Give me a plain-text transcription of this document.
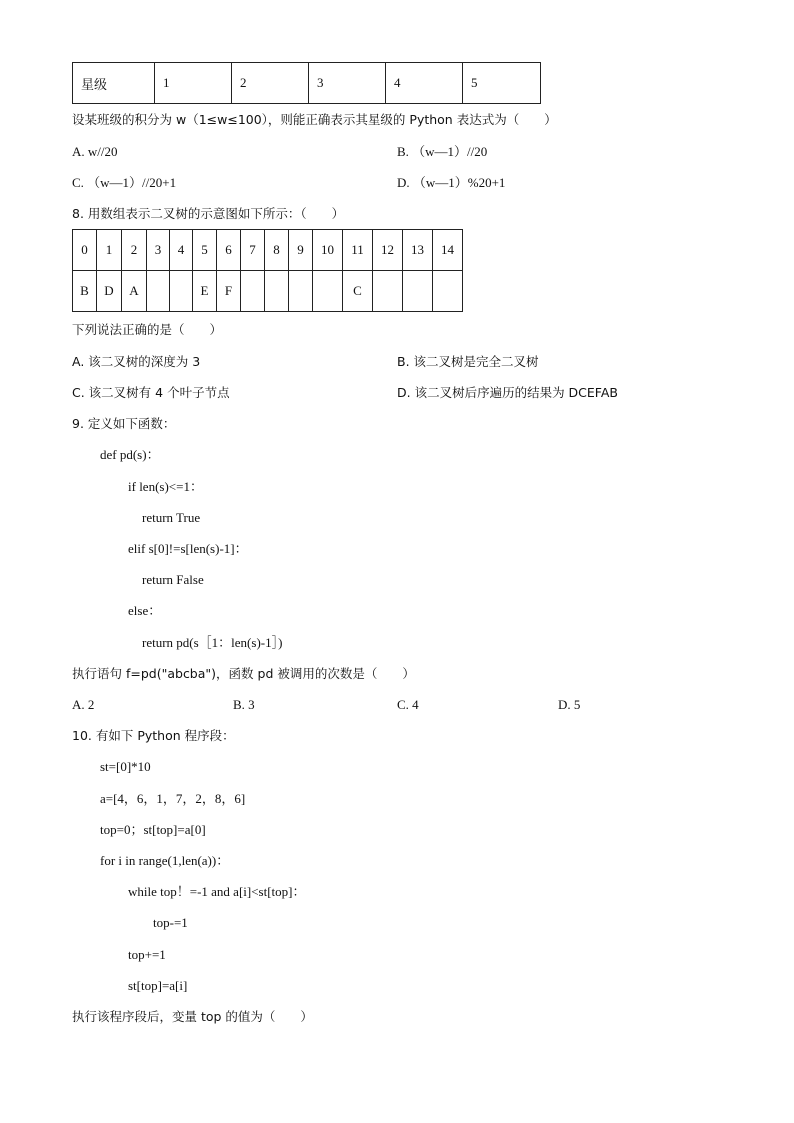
星级	1	2	3	4	5
设某班级的积分为 w（1≤w≤100），则能正确表示其星级的 Python 表达式为（　　）
A. w//20	B. （w—1）//20
C. （w—1）//20+1	D. （w—1）%20+1
8. 用数组表示二叉树的示意图如下所示：（　　）
0	1	2	3	4	5	6	7	8	9	10	11	12	13	14
B	D	A			E	F					C			
下列说法正确的是（　　）
A. 该二叉树的深度为 3	B. 该二叉树是完全二叉树
C. 该二叉树有 4 个叶子节点	D. 该二叉树后序遍历的结果为 DCEFAB
9. 定义如下函数：
def pd(s)：
if len(s)<=1：
return True
elif s[0]!=s[len(s)-1]：
return False
else：
return pd(s［1：len(s)-1］)
执行语句 f=pd("abcba")，函数 pd 被调用的次数是（　　）
A. 2	B. 3	C. 4	D. 5
10. 有如下 Python 程序段：
st=[0]*10
a=[4，6，1，7，2，8，6]
top=0；st[top]=a[0]
for i in range(1,len(a))：
while top！=-1 and a[i]<st[top]：
top-=1
top+=1
st[top]=a[i]
执行该程序段后，变量 top 的值为（　　）
